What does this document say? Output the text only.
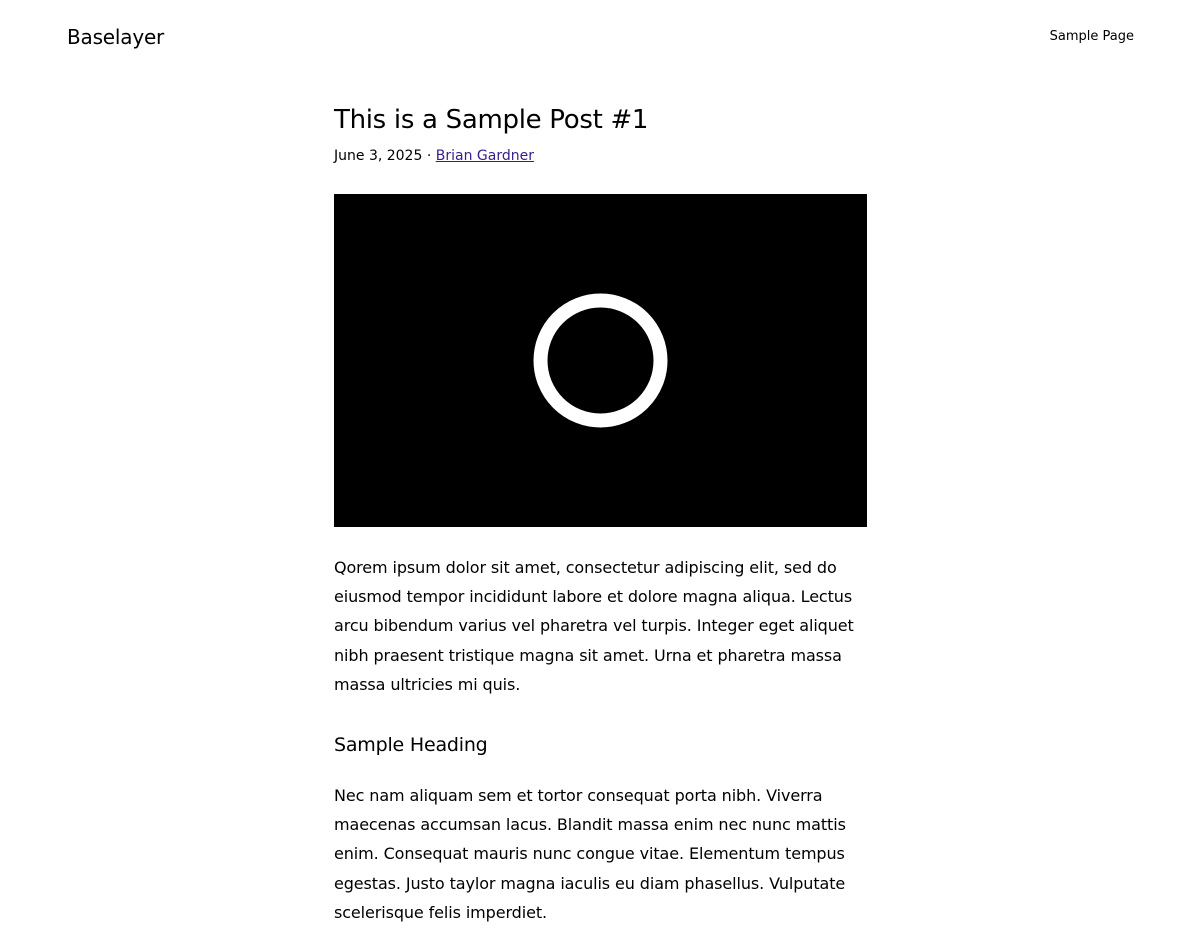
Baselayer	Sample Page
This is a Sample Post #1
June 3, 2025 · Brian Gardner

Qorem ipsum dolor sit amet, consectetur adipiscing elit, sed do eiusmod tempor incididunt labore et dolore magna aliqua. Lectus arcu bibendum varius vel pharetra vel turpis. Integer eget aliquet nibh praesent tristique magna sit amet. Urna et pharetra massa massa ultricies mi quis.

Sample Heading

Nec nam aliquam sem et tortor consequat porta nibh. Viverra maecenas accumsan lacus. Blandit massa enim nec nunc mattis enim. Consequat mauris nunc congue vitae. Elementum tempus egestas. Justo taylor magna iaculis eu diam phasellus. Vulputate scelerisque felis imperdiet.
